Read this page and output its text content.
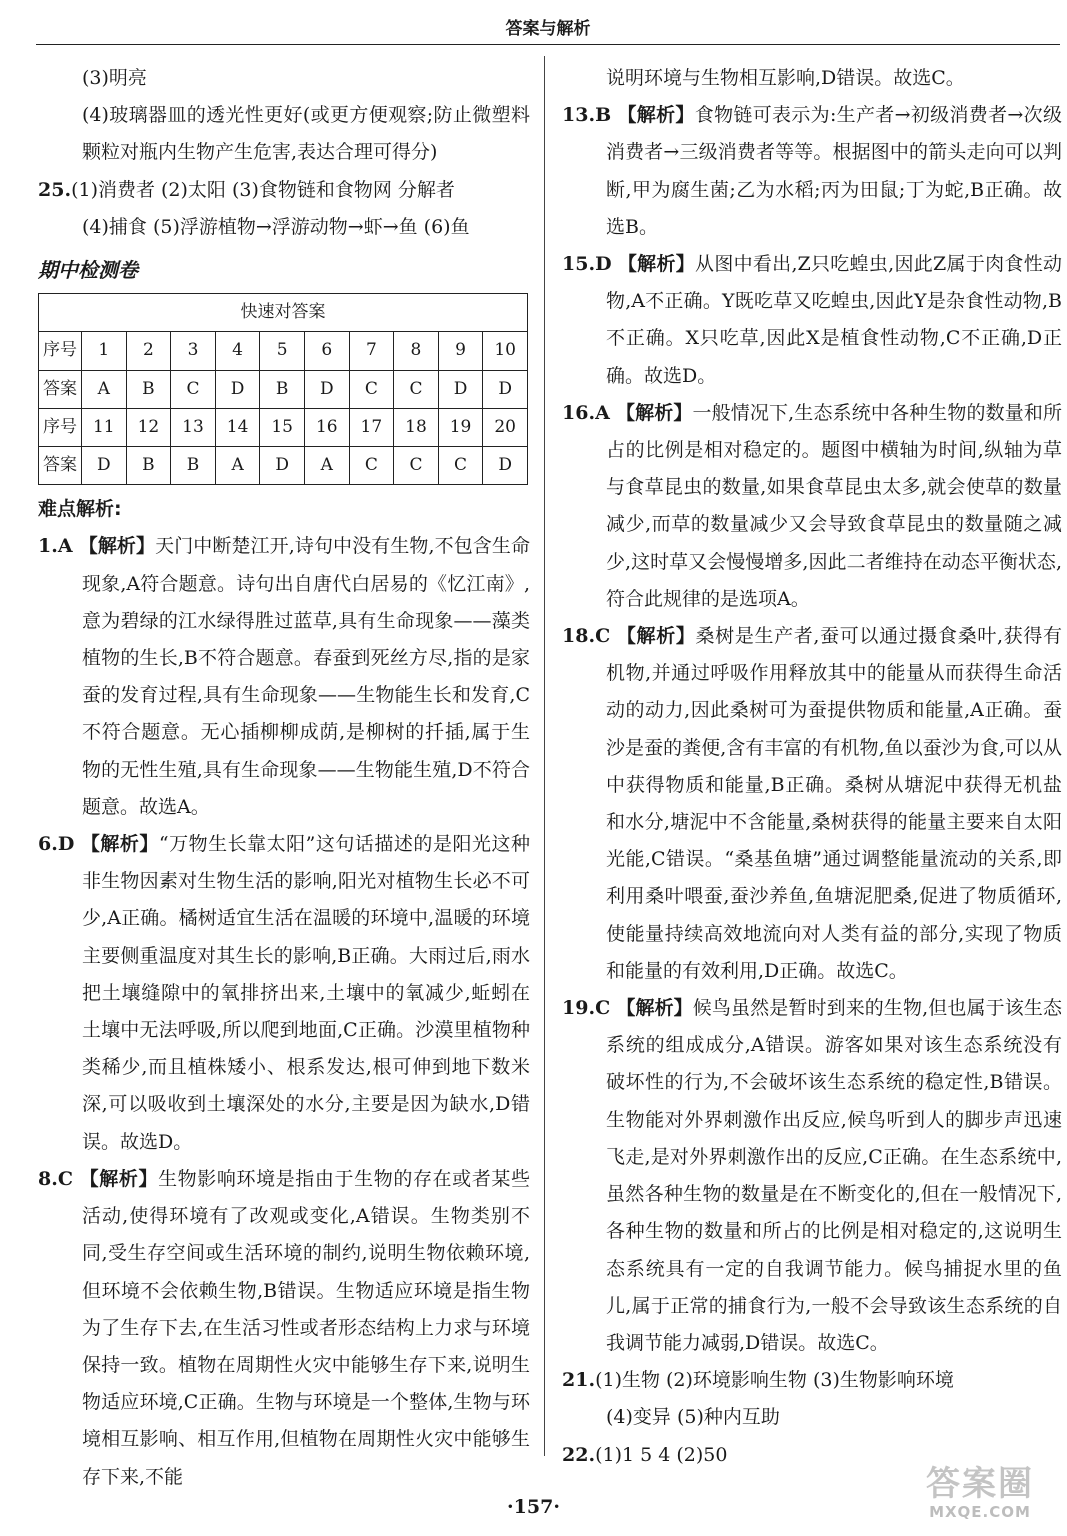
答案与解析

(3)明亮

(4)玻璃器皿的透光性更好(或更方便观察;防止微塑料颗粒对瓶内生物产生危害,表达合理可得分)

25.(1)消费者 (2)太阳 (3)食物链和食物网 分解者

(4)捕食 (5)浮游植物→浮游动物→虾→鱼 (6)鱼

期中检测卷
快速对答案										
序号	1	2	3	4	5	6	7	8	9	10
答案	A	B	C	D	B	D	C	C	D	D
序号	11	12	13	14	15	16	17	18	19	20
答案	D	B	B	A	D	A	C	C	C	D
难点解析:

1.A 【解析】天门中断楚江开,诗句中没有生物,不包含生命现象,A符合题意。诗句出自唐代白居易的《忆江南》,意为碧绿的江水绿得胜过蓝草,具有生命现象——藻类植物的生长,B不符合题意。春蚕到死丝方尽,指的是家蚕的发育过程,具有生命现象——生物能生长和发育,C不符合题意。无心插柳柳成荫,是柳树的扦插,属于生物的无性生殖,具有生命现象——生物能生殖,D不符合题意。故选A。

6.D 【解析】“万物生长靠太阳”这句话描述的是阳光这种非生物因素对生物生活的影响,阳光对植物生长必不可少,A正确。橘树适宜生活在温暖的环境中,温暖的环境主要侧重温度对其生长的影响,B正确。大雨过后,雨水把土壤缝隙中的氧排挤出来,土壤中的氧减少,蚯蚓在土壤中无法呼吸,所以爬到地面,C正确。沙漠里植物种类稀少,而且植株矮小、根系发达,根可伸到地下数米深,可以吸收到土壤深处的水分,主要是因为缺水,D错误。故选D。

8.C 【解析】生物影响环境是指由于生物的存在或者某些活动,使得环境有了改观或变化,A错误。生物类别不同,受生存空间或生活环境的制约,说明生物依赖环境,但环境不会依赖生物,B错误。生物适应环境是指生物为了生存下去,在生活习性或者形态结构上力求与环境保持一致。植物在周期性火灾中能够生存下来,说明生物适应环境,C正确。生物与环境是一个整体,生物与环境相互影响、相互作用,但植物在周期性火灾中能够生存下来,不能

说明环境与生物相互影响,D错误。故选C。

13.B 【解析】食物链可表示为:生产者→初级消费者→次级消费者→三级消费者等等。根据图中的箭头走向可以判断,甲为腐生菌;乙为水稻;丙为田鼠;丁为蛇,B正确。故选B。

15.D 【解析】从图中看出,Z只吃蝗虫,因此Z属于肉食性动物,A不正确。Y既吃草又吃蝗虫,因此Y是杂食性动物,B不正确。X只吃草,因此X是植食性动物,C不正确,D正确。故选D。

16.A 【解析】一般情况下,生态系统中各种生物的数量和所占的比例是相对稳定的。题图中横轴为时间,纵轴为草与食草昆虫的数量,如果食草昆虫太多,就会使草的数量减少,而草的数量减少又会导致食草昆虫的数量随之减少,这时草又会慢慢增多,因此二者维持在动态平衡状态,符合此规律的是选项A。

18.C 【解析】桑树是生产者,蚕可以通过摄食桑叶,获得有机物,并通过呼吸作用释放其中的能量从而获得生命活动的动力,因此桑树可为蚕提供物质和能量,A正确。蚕沙是蚕的粪便,含有丰富的有机物,鱼以蚕沙为食,可以从中获得物质和能量,B正确。桑树从塘泥中获得无机盐和水分,塘泥中不含能量,桑树获得的能量主要来自太阳光能,C错误。“桑基鱼塘”通过调整能量流动的关系,即利用桑叶喂蚕,蚕沙养鱼,鱼塘泥肥桑,促进了物质循环,使能量持续高效地流向对人类有益的部分,实现了物质和能量的有效利用,D正确。故选C。

19.C 【解析】候鸟虽然是暂时到来的生物,但也属于该生态系统的组成成分,A错误。游客如果对该生态系统没有破坏性的行为,不会破坏该生态系统的稳定性,B错误。生物能对外界刺激作出反应,候鸟听到人的脚步声迅速飞走,是对外界刺激作出的反应,C正确。在生态系统中,虽然各种生物的数量是在不断变化的,但在一般情况下,各种生物的数量和所占的比例是相对稳定的,这说明生态系统具有一定的自我调节能力。候鸟捕捉水里的鱼儿,属于正常的捕食行为,一般不会导致该生态系统的自我调节能力减弱,D错误。故选C。

21.(1)生物 (2)环境影响生物 (3)生物影响环境

(4)变异 (5)种内互助

22.(1)1 5 4 (2)50

·157·
答案圈
MXQE.COM
